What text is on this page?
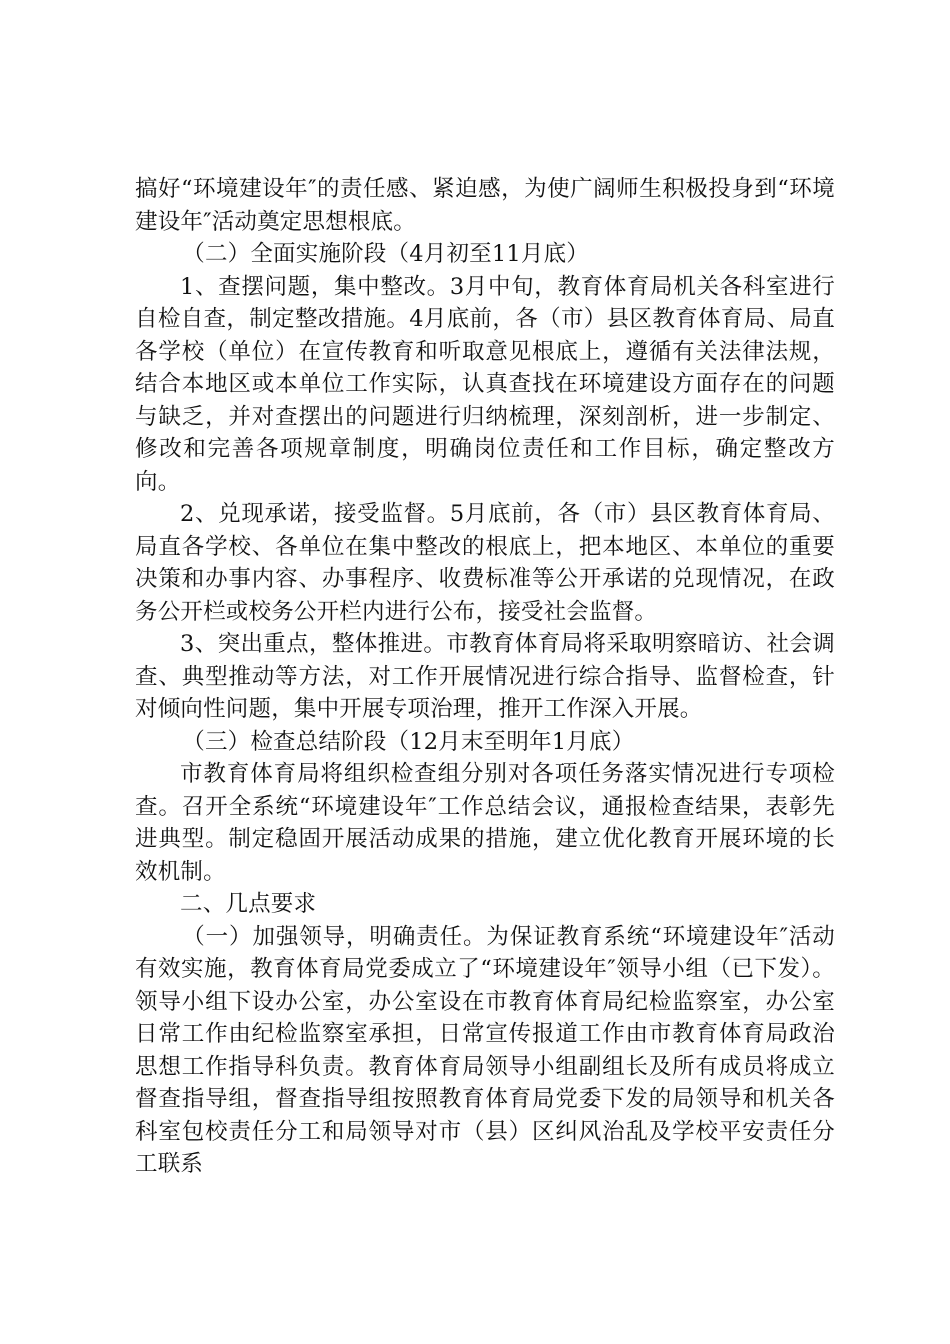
搞好“环境建设年″的责任感、紧迫感，为使广阔师生积极投身到“环境建设年″活动奠定思想根底。

（二）全面实施阶段（4月初至11月底）

1、查摆问题，集中整改。3月中旬，教育体育局机关各科室进行自检自查，制定整改措施。4月底前，各（市）县区教育体育局、局直各学校（单位）在宣传教育和听取意见根底上，遵循有关法律法规，结合本地区或本单位工作实际，认真查找在环境建设方面存在的问题与缺乏，并对查摆出的问题进行归纳梳理，深刻剖析，进一步制定、修改和完善各项规章制度，明确岗位责任和工作目标，确定整改方向。

2、兑现承诺，接受监督。5月底前，各（市）县区教育体育局、局直各学校、各单位在集中整改的根底上，把本地区、本单位的重要决策和办事内容、办事程序、收费标准等公开承诺的兑现情况，在政务公开栏或校务公开栏内进行公布，接受社会监督。

3、突出重点，整体推进。市教育体育局将采取明察暗访、社会调查、典型推动等方法，对工作开展情况进行综合指导、监督检查，针对倾向性问题，集中开展专项治理，推开工作深入开展。

（三）检查总结阶段（12月末至明年1月底）

市教育体育局将组织检查组分别对各项任务落实情况进行专项检查。召开全系统“环境建设年″工作总结会议，通报检查结果，表彰先进典型。制定稳固开展活动成果的措施，建立优化教育开展环境的长效机制。

二、几点要求

（一）加强领导，明确责任。为保证教育系统“环境建设年″活动有效实施，教育体育局党委成立了“环境建设年″领导小组（已下发）。领导小组下设办公室，办公室设在市教育体育局纪检监察室，办公室日常工作由纪检监察室承担，日常宣传报道工作由市教育体育局政治思想工作指导科负责。教育体育局领导小组副组长及所有成员将成立督查指导组，督查指导组按照教育体育局党委下发的局领导和机关各科室包校责任分工和局领导对市（县）区纠风治乱及学校平安责任分工联系
